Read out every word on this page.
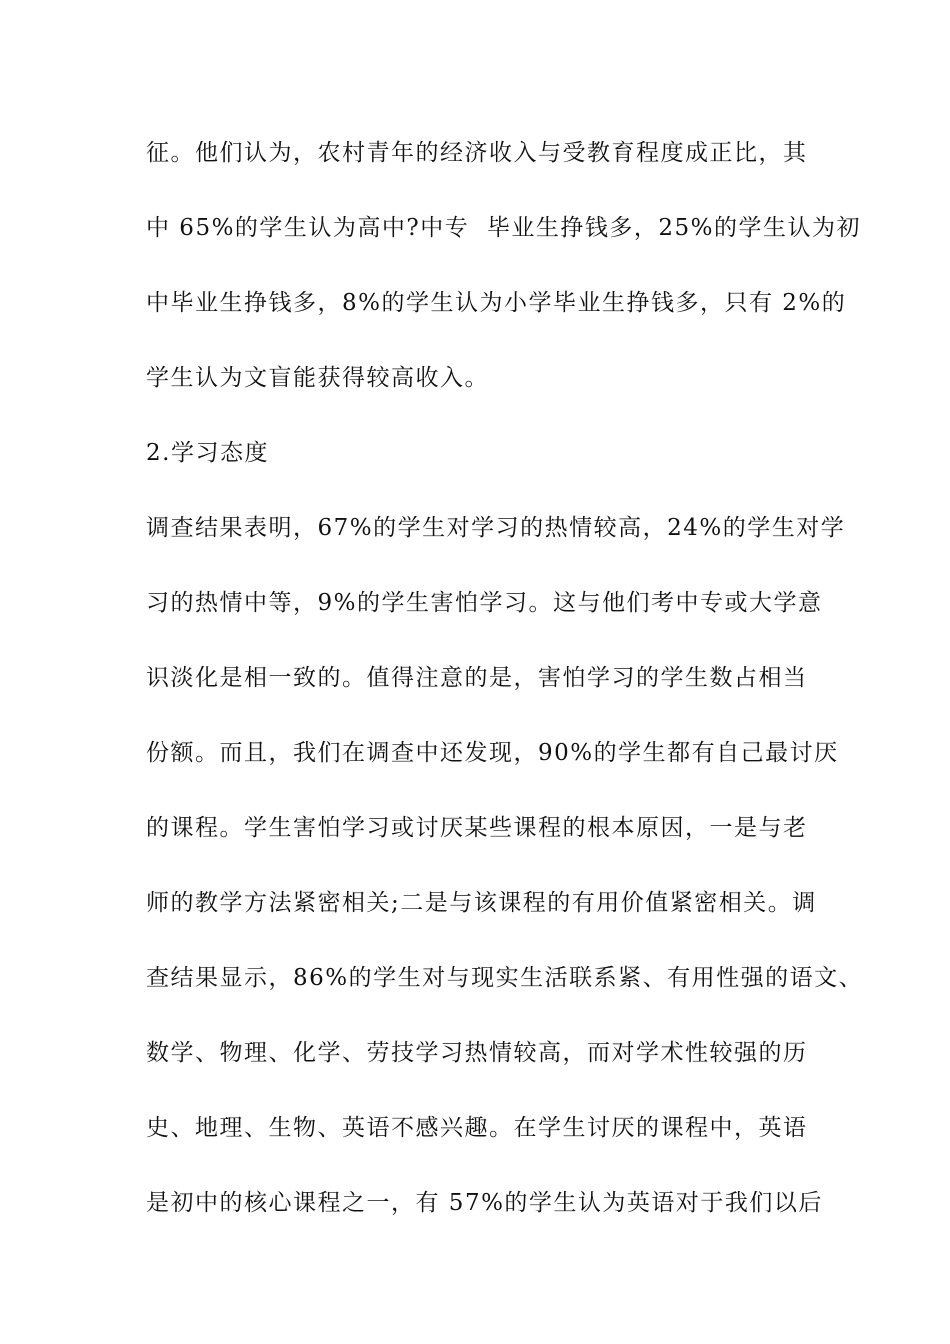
征。他们认为，农村青年的经济收入与受教育程度成正比，其
中 65%的学生认为高中?中专  毕业生挣钱多，25%的学生认为初
中毕业生挣钱多，8%的学生认为小学毕业生挣钱多，只有 2%的
学生认为文盲能获得较高收入。
2.学习态度
调查结果表明，67%的学生对学习的热情较高，24%的学生对学
习的热情中等，9%的学生害怕学习。这与他们考中专或大学意
识淡化是相一致的。值得注意的是，害怕学习的学生数占相当
份额。而且，我们在调查中还发现，90%的学生都有自己最讨厌
的课程。学生害怕学习或讨厌某些课程的根本原因，一是与老
师的教学方法紧密相关;二是与该课程的有用价值紧密相关。调
查结果显示，86%的学生对与现实生活联系紧、有用性强的语文、
数学、物理、化学、劳技学习热情较高，而对学术性较强的历
史、地理、生物、英语不感兴趣。在学生讨厌的课程中，英语
是初中的核心课程之一，有 57%的学生认为英语对于我们以后
